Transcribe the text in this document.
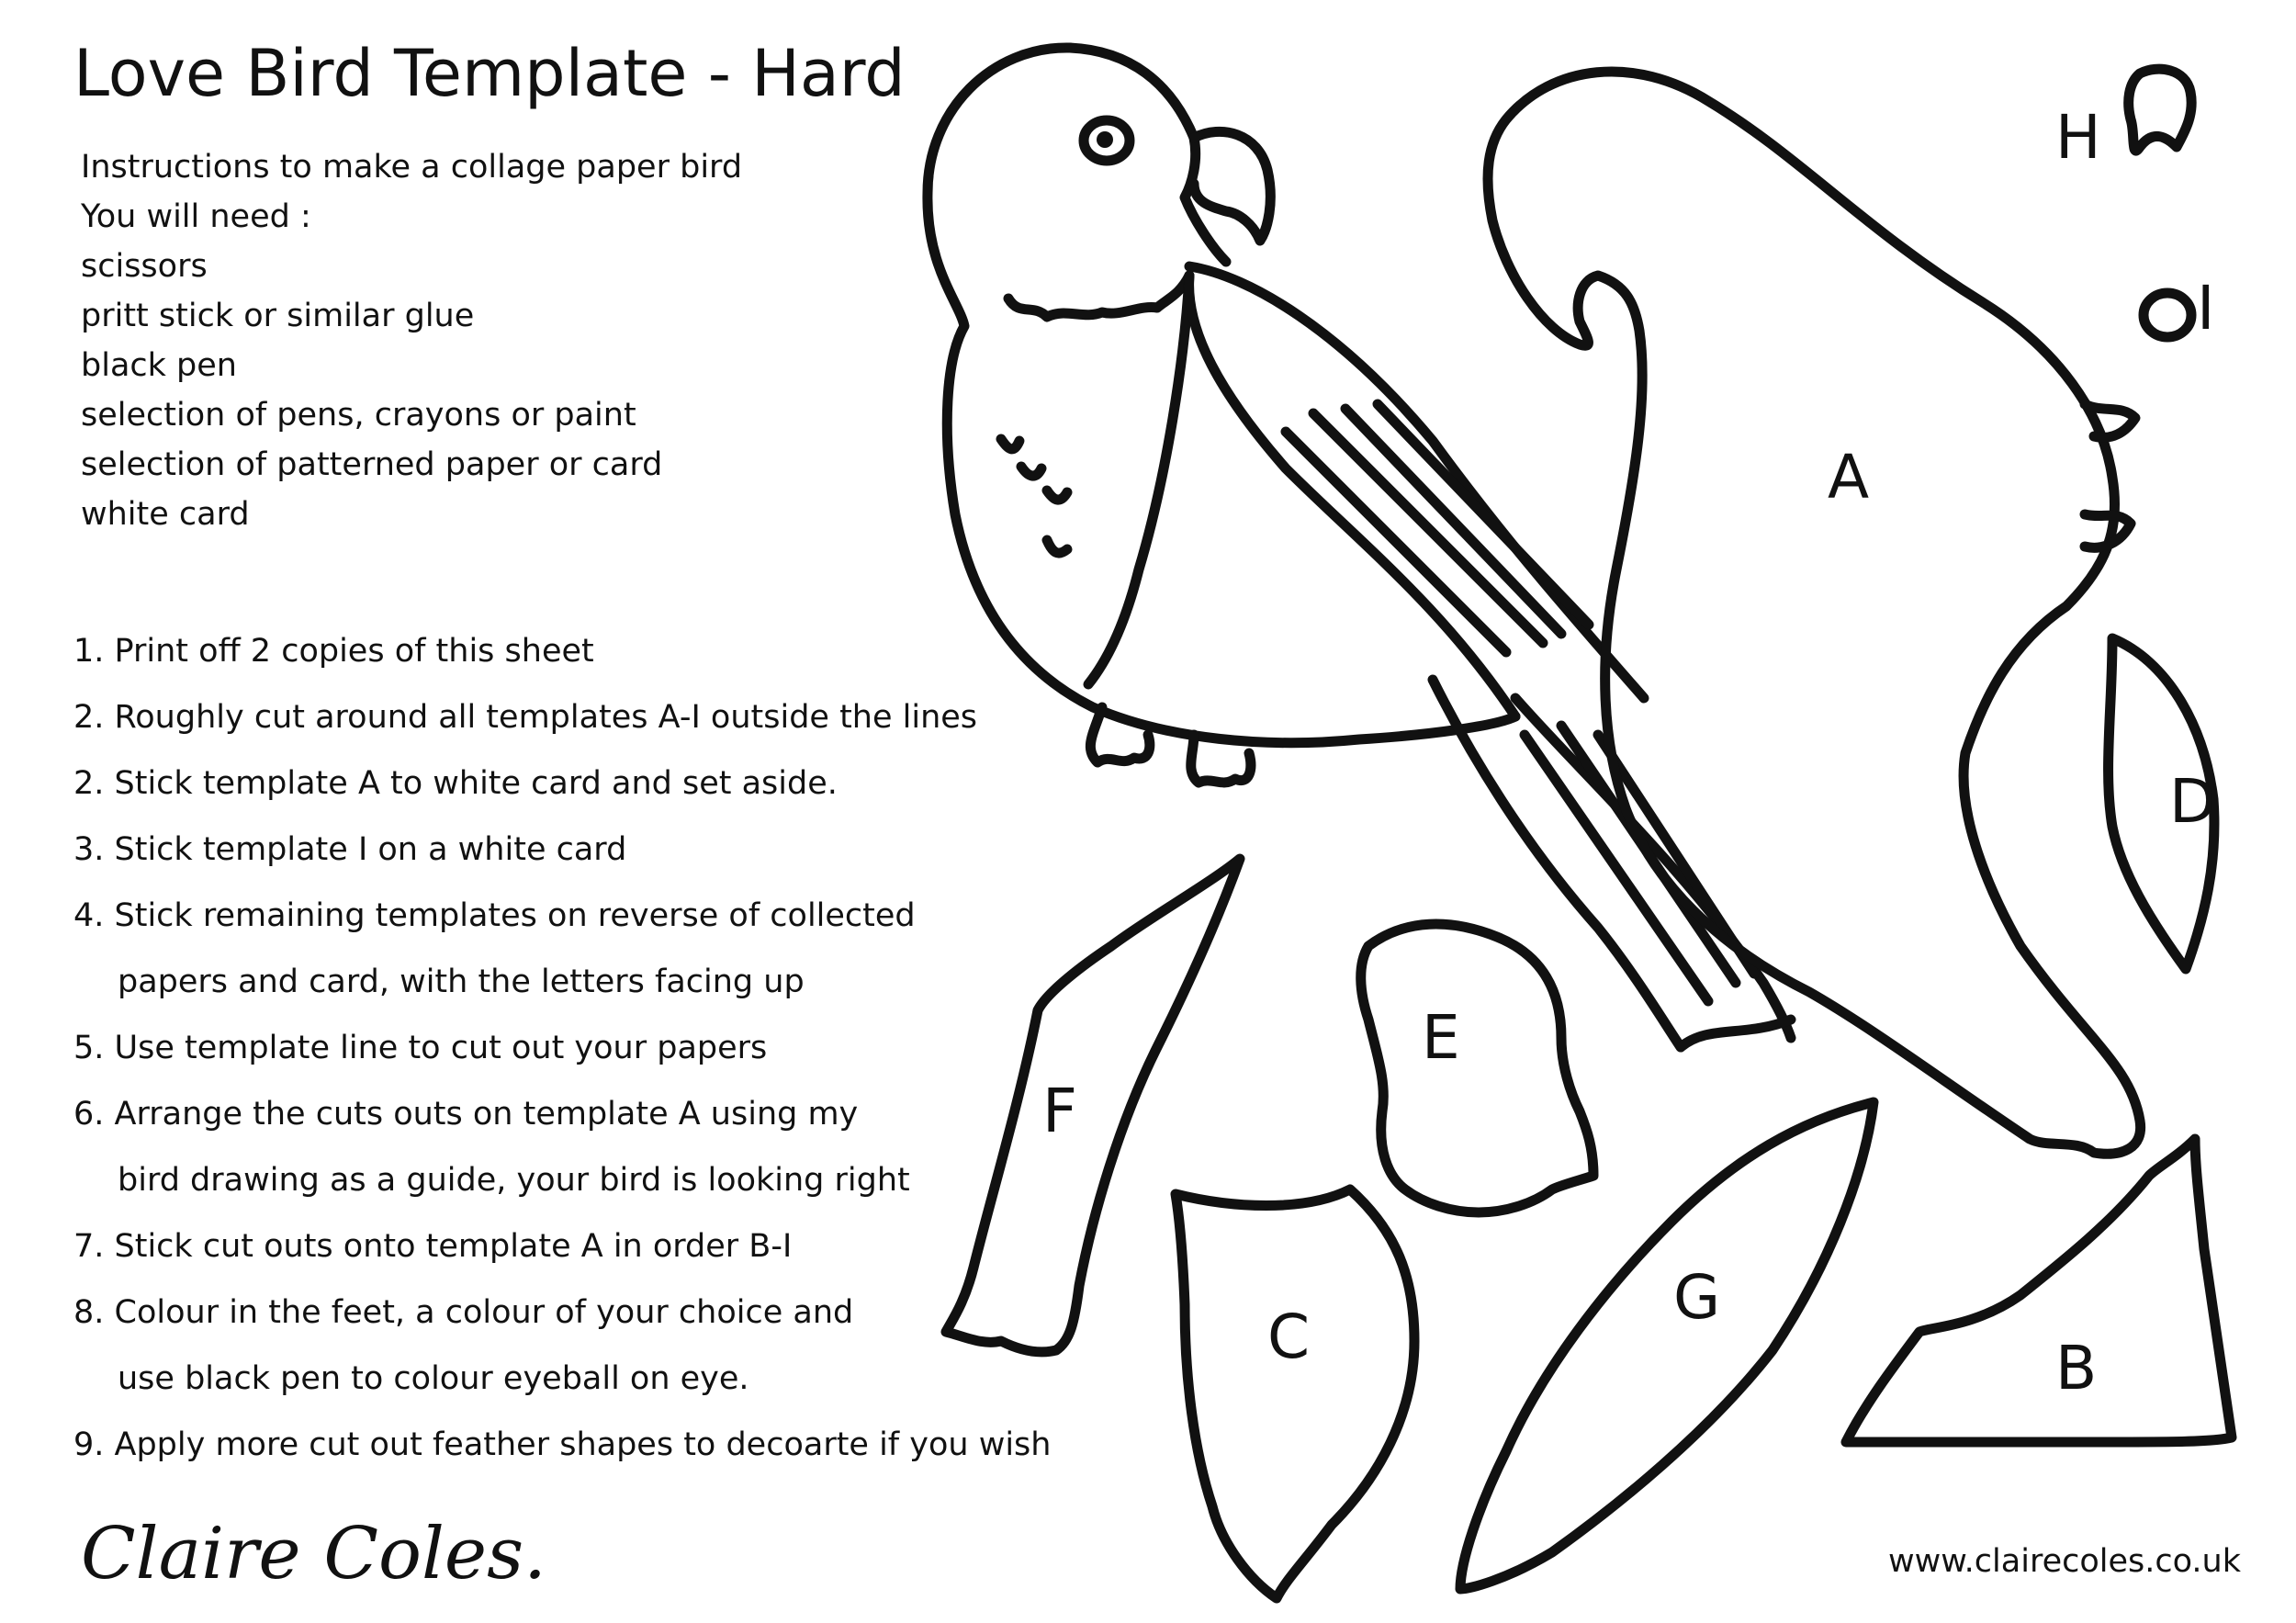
Love Bird Template - Hard
Instructions to make a collage paper bird
You will need :
scissors
pritt stick or similar glue
black pen
selection of pens, crayons or paint
selection of patterned paper or card
white card
1. Print off 2 copies of this sheet
2. Roughly cut around all templates A-I outside the lines
2. Stick template A to white card and set aside.
3. Stick template I on a white card
4. Stick remaining templates on reverse of collected
papers and card, with the letters facing up
5. Use template line to cut out your papers
6. Arrange the cuts outs on template A using my
bird drawing as a guide, your bird is looking right
7. Stick cut outs onto template A in order B-I
8. Colour in the feet, a colour of your choice and
use black pen to colour eyeball on eye.
9. Apply more cut out feather shapes to decoarte if you wish
A
H
I
D
E
F
C
G
B
Claire Coles.	www.clairecoles.co.uk
